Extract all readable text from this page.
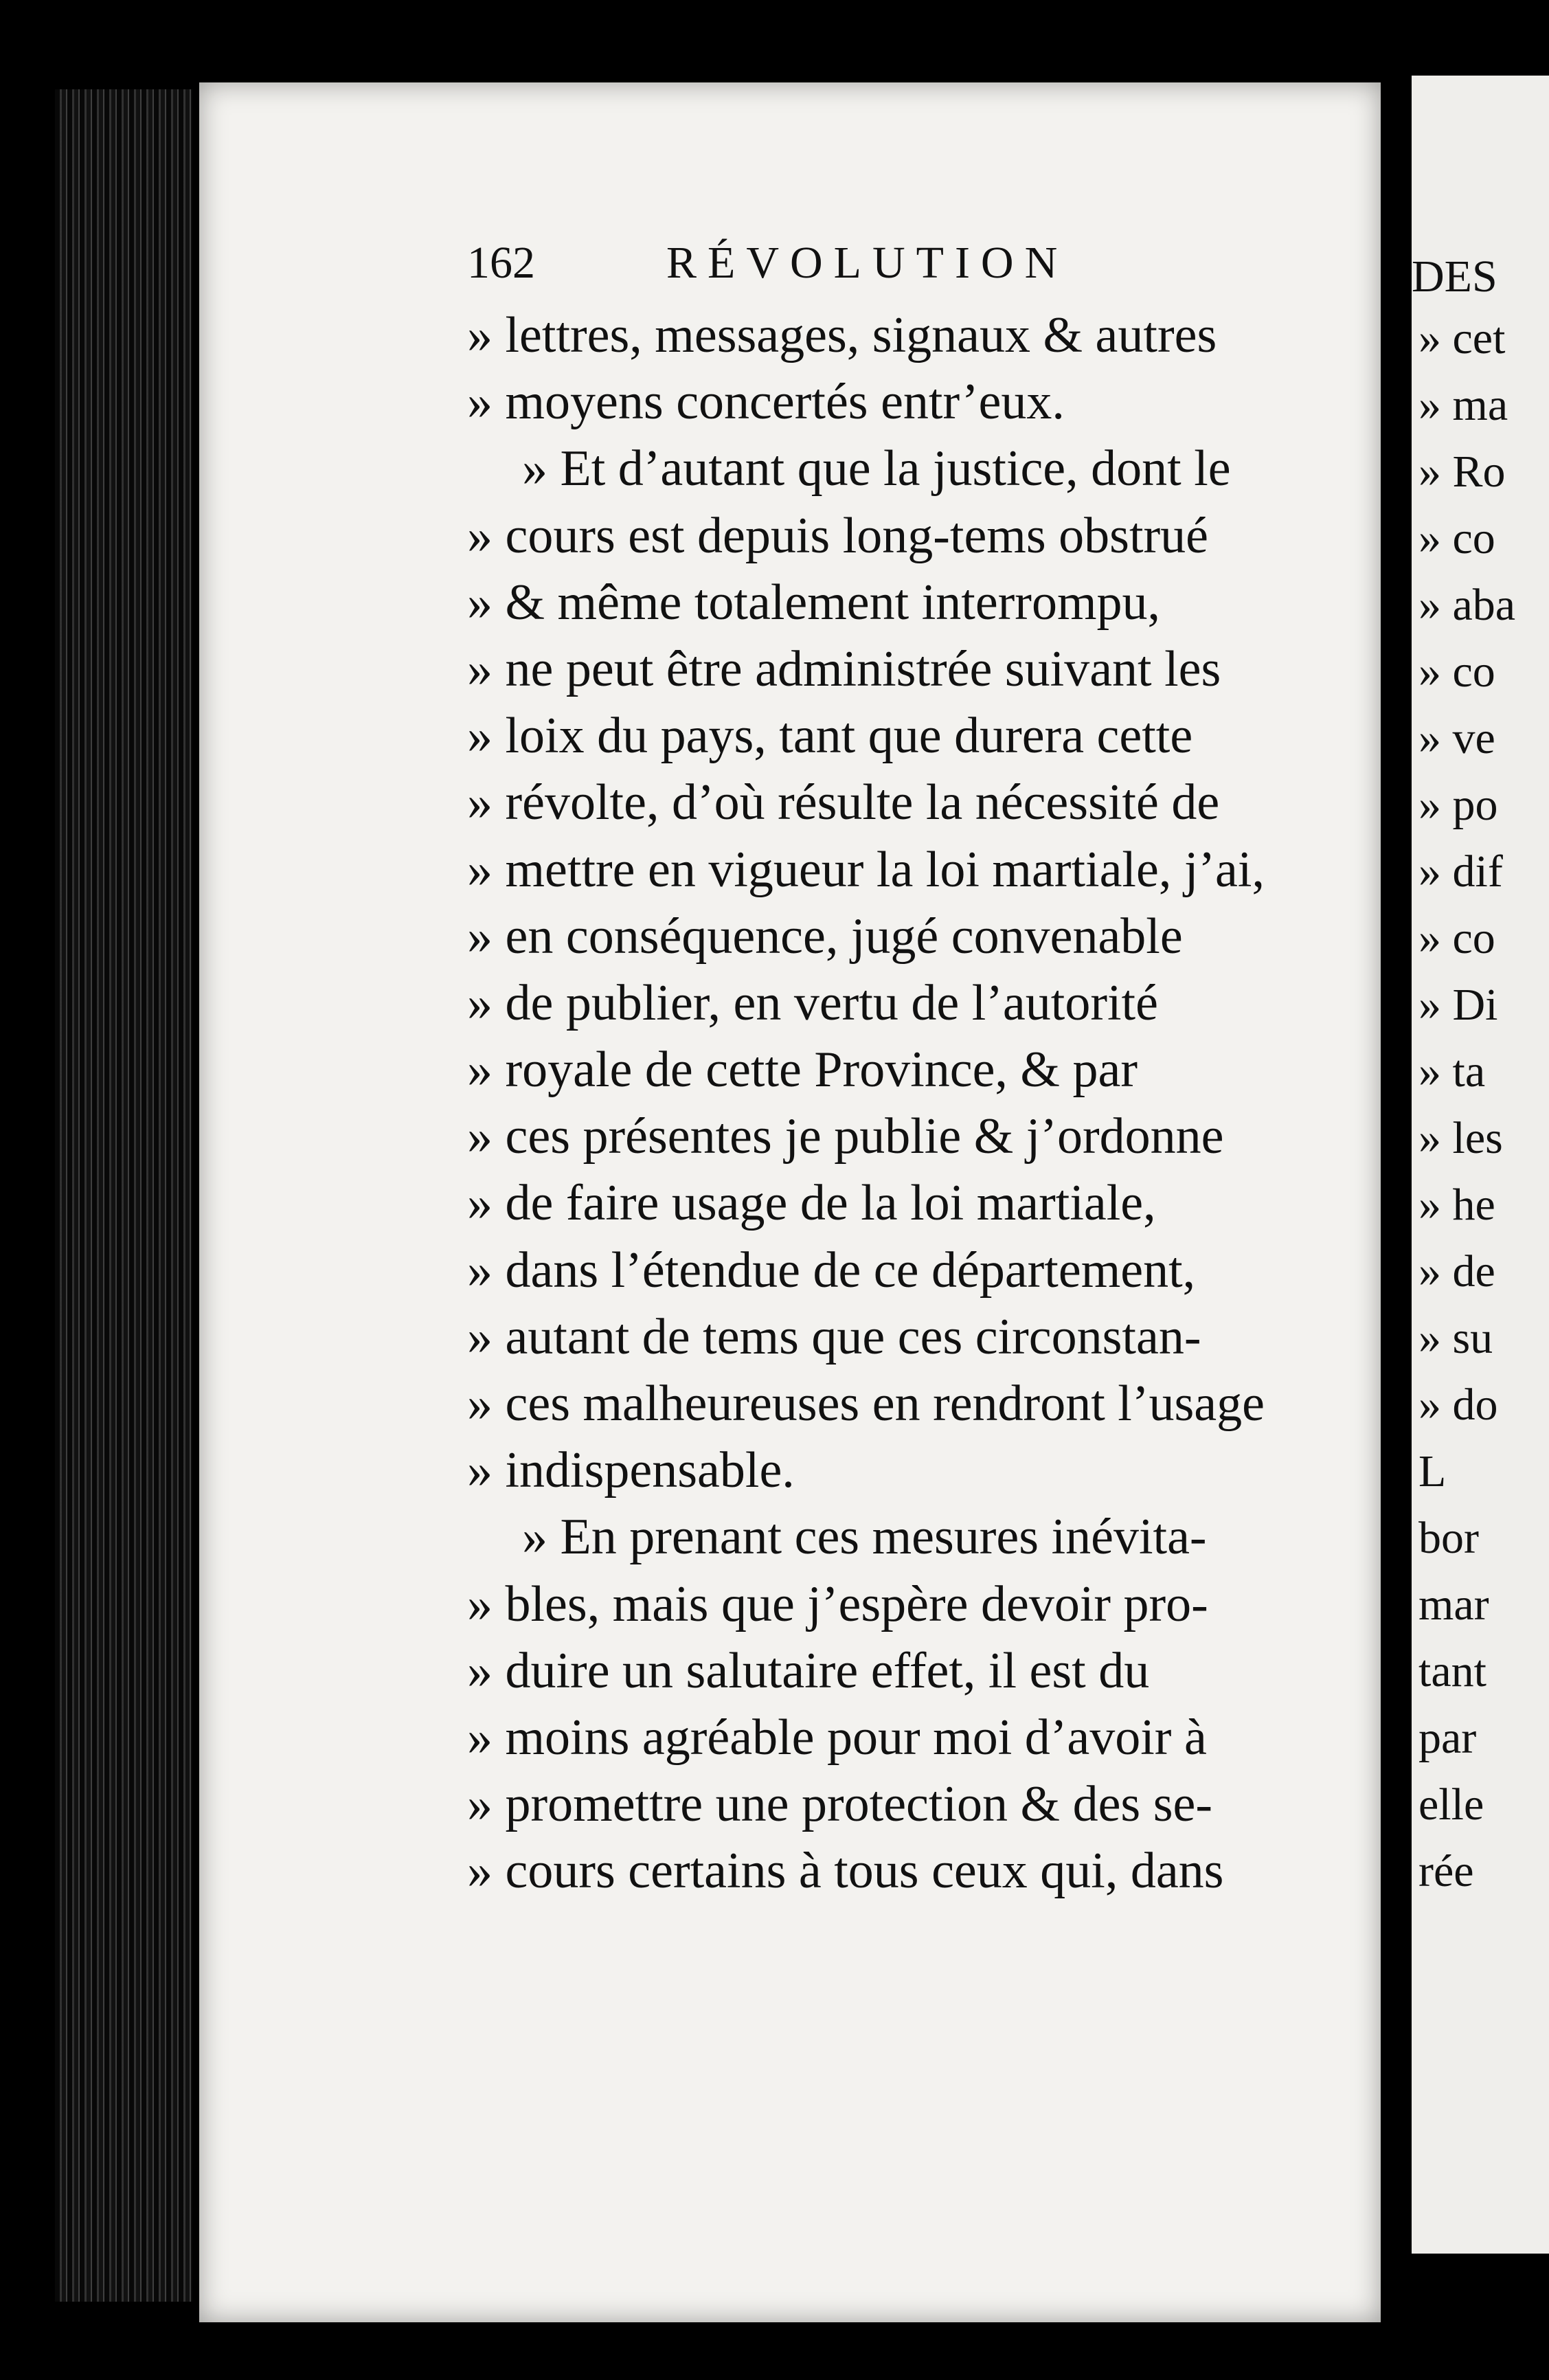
162	RÉVOLUTION
» lettres, messages, signaux & autres
» moyens concertés entr’eux.
» Et d’autant que la justice, dont le
» cours est depuis long-tems obstrué
» & même totalement interrompu,
» ne peut être administrée suivant les
» loix du pays, tant que durera cette
» révolte, d’où résulte la nécessité de
» mettre en vigueur la loi martiale, j’ai,
» en conséquence, jugé convenable
» de publier, en vertu de l’autorité
» royale de cette Province, & par
» ces présentes je publie & j’ordonne
» de faire usage de la loi martiale,
» dans l’étendue de ce département,
» autant de tems que ces circonstan-
» ces malheureuses en rendront l’usage
» indispensable.
» En prenant ces mesures inévita-
» bles, mais que j’espère devoir pro-
» duire un salutaire effet, il est du
» moins agréable pour moi d’avoir à
» promettre une protection & des se-
» cours certains à tous ceux qui, dans
DES
» cet
» ma
» Ro
» co
» aba
» co
» ve
» po
» dif
» co
» Di
» ta
» les
» he
» de
» su
» do
L
bor
mar
tant
par
elle
rée
